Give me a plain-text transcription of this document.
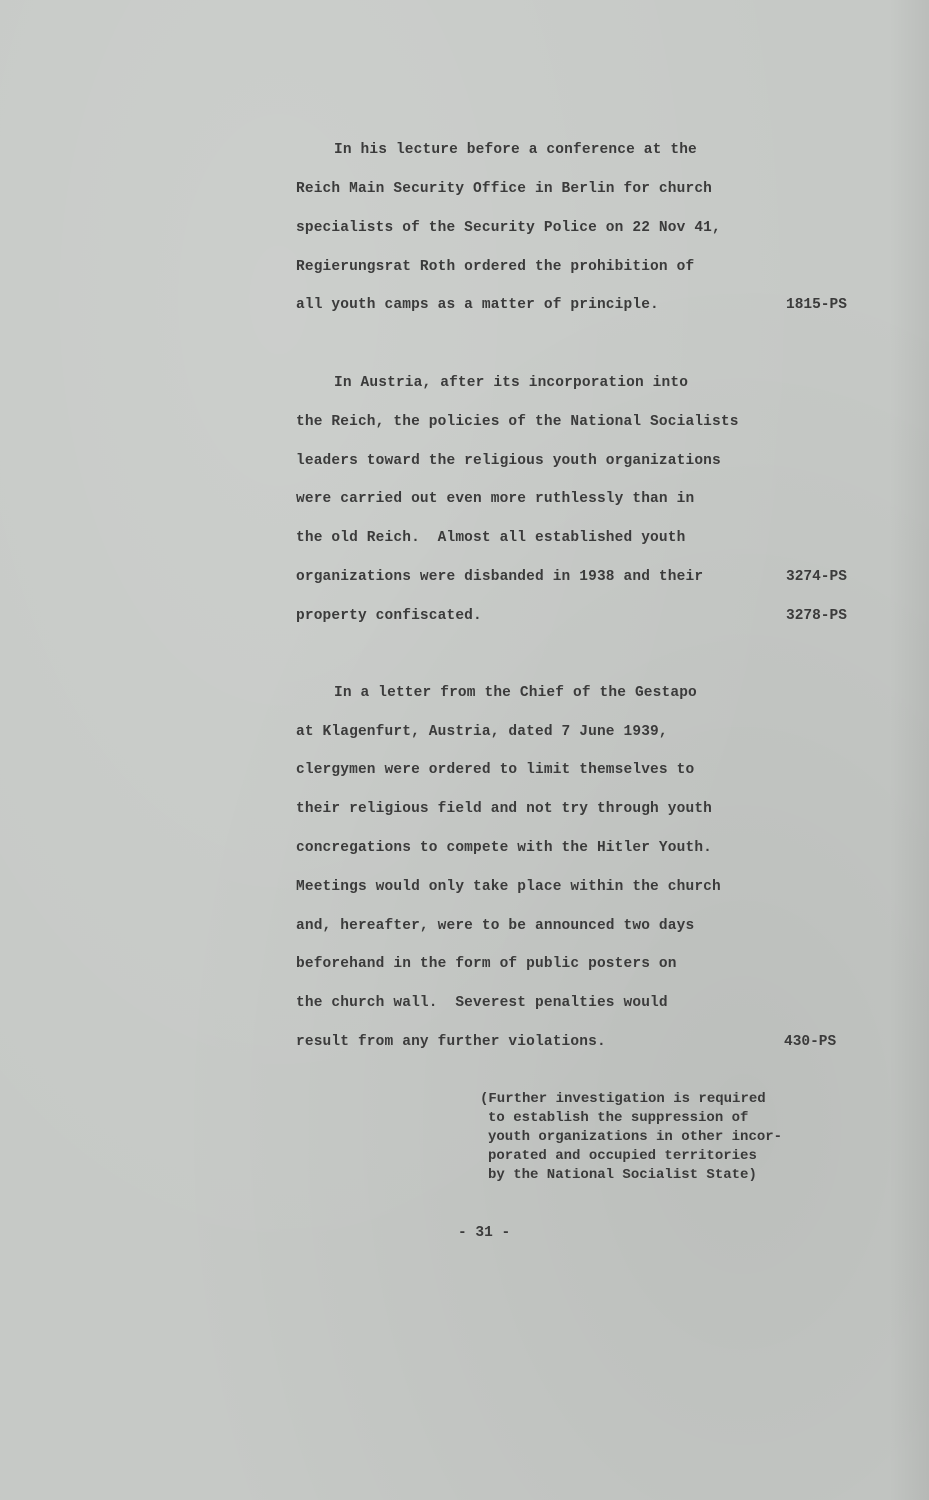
In his lecture before a conference at the
Reich Main Security Office in Berlin for church
specialists of the Security Police on 22 Nov 41,
Regierungsrat Roth ordered the prohibition of
all youth camps as a matter of principle.	1815-PS
In Austria, after its incorporation into
the Reich, the policies of the National Socialists
leaders toward the religious youth organizations
were carried out even more ruthlessly than in
the old Reich.  Almost all established youth
organizations were disbanded in 1938 and their	3274-PS
property confiscated.	3278-PS
In a letter from the Chief of the Gestapo
at Klagenfurt, Austria, dated 7 June 1939,
clergymen were ordered to limit themselves to
their religious field and not try through youth
concregations to compete with the Hitler Youth.
Meetings would only take place within the church
and, hereafter, were to be announced two days
beforehand in the form of public posters on
the church wall.  Severest penalties would
result from any further violations.	430-PS
(Further investigation is required
to establish the suppression of
youth organizations in other incor-
porated and occupied territories
by the National Socialist State)
- 31 -
